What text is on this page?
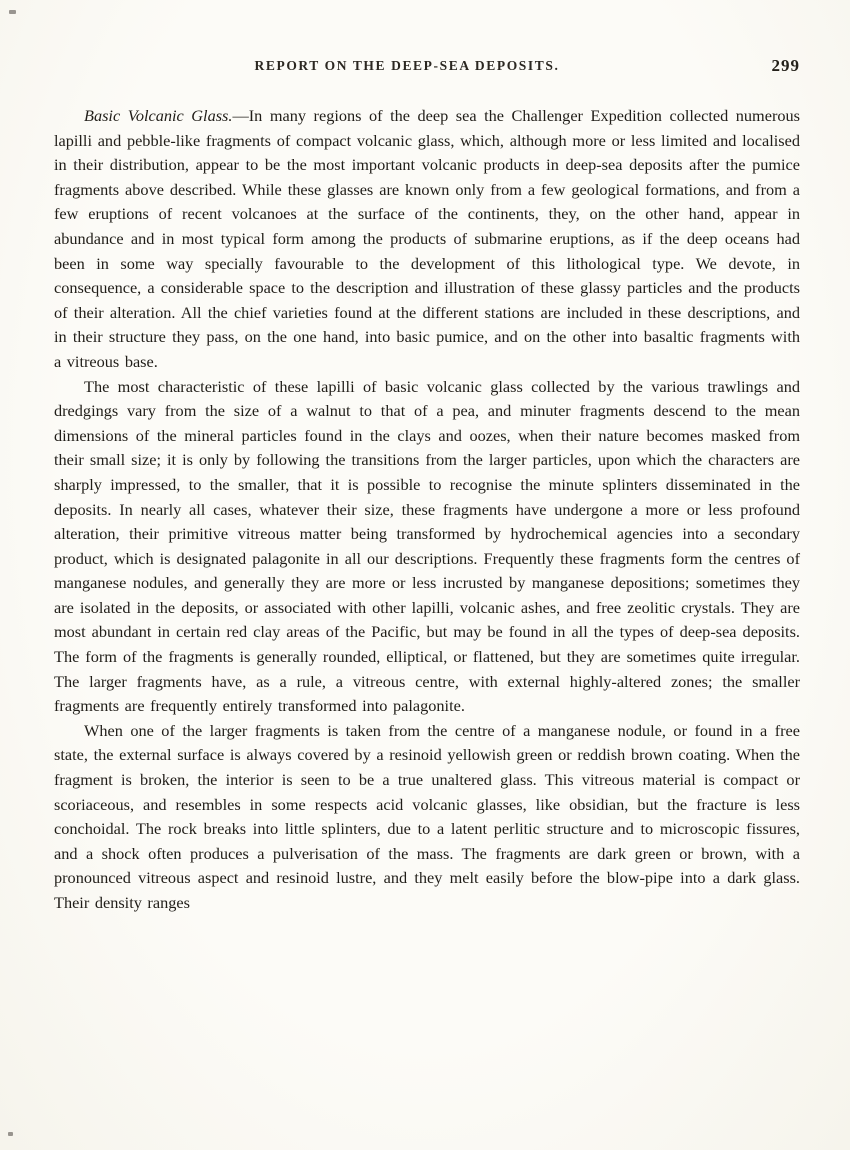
REPORT ON THE DEEP-SEA DEPOSITS.	299

Basic Volcanic Glass.—In many regions of the deep sea the Challenger Expedition collected numerous lapilli and pebble-like fragments of compact volcanic glass, which, although more or less limited and localised in their distribution, appear to be the most important volcanic products in deep-sea deposits after the pumice fragments above described. While these glasses are known only from a few geological formations, and from a few eruptions of recent volcanoes at the surface of the continents, they, on the other hand, appear in abundance and in most typical form among the products of submarine eruptions, as if the deep oceans had been in some way specially favourable to the development of this lithological type. We devote, in consequence, a considerable space to the description and illustration of these glassy particles and the products of their alteration. All the chief varieties found at the different stations are included in these descriptions, and in their structure they pass, on the one hand, into basic pumice, and on the other into basaltic fragments with a vitreous base.

The most characteristic of these lapilli of basic volcanic glass collected by the various trawlings and dredgings vary from the size of a walnut to that of a pea, and minuter fragments descend to the mean dimensions of the mineral particles found in the clays and oozes, when their nature becomes masked from their small size; it is only by following the transitions from the larger particles, upon which the characters are sharply impressed, to the smaller, that it is possible to recognise the minute splinters disseminated in the deposits. In nearly all cases, whatever their size, these fragments have undergone a more or less profound alteration, their primitive vitreous matter being transformed by hydrochemical agencies into a secondary product, which is designated palagonite in all our descriptions. Frequently these fragments form the centres of manganese nodules, and generally they are more or less incrusted by manganese depositions; sometimes they are isolated in the deposits, or associated with other lapilli, volcanic ashes, and free zeolitic crystals. They are most abundant in certain red clay areas of the Pacific, but may be found in all the types of deep-sea deposits. The form of the fragments is generally rounded, elliptical, or flattened, but they are sometimes quite irregular. The larger fragments have, as a rule, a vitreous centre, with external highly-altered zones; the smaller fragments are frequently entirely transformed into palagonite.

When one of the larger fragments is taken from the centre of a manganese nodule, or found in a free state, the external surface is always covered by a resinoid yellowish green or reddish brown coating. When the fragment is broken, the interior is seen to be a true unaltered glass. This vitreous material is compact or scoriaceous, and resembles in some respects acid volcanic glasses, like obsidian, but the fracture is less conchoidal. The rock breaks into little splinters, due to a latent perlitic structure and to microscopic fissures, and a shock often produces a pulverisation of the mass. The fragments are dark green or brown, with a pronounced vitreous aspect and resinoid lustre, and they melt easily before the blow-pipe into a dark glass. Their density ranges
